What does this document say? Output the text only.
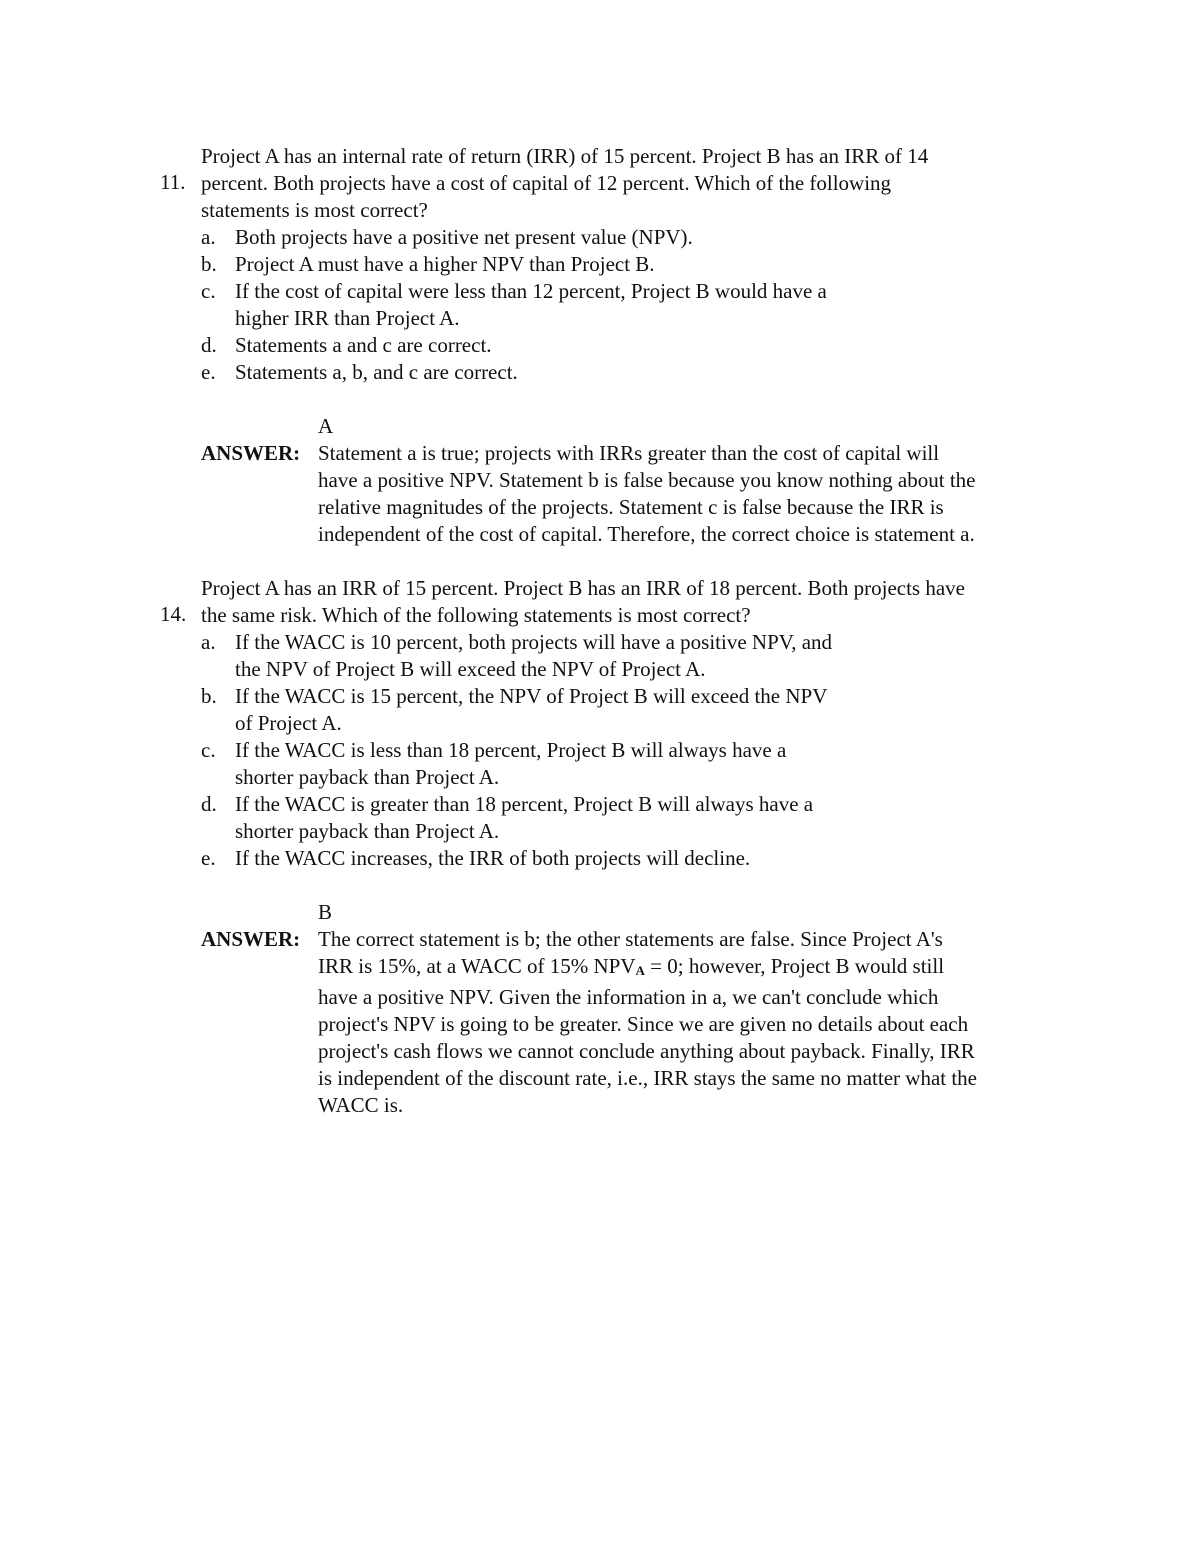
11.
Project A has an internal rate of return (IRR) of 15 percent. Project B has an IRR of 14
percent. Both projects have a cost of capital of 12 percent. Which of the following
statements is most correct?
a. Both projects have a positive net present value (NPV).
b. Project A must have a higher NPV than Project B.
c. If the cost of capital were less than 12 percent, Project B would have a
higher IRR than Project A.
d. Statements a and c are correct.
e. Statements a, b, and c are correct.
A
ANSWER: Statement a is true; projects with IRRs greater than the cost of capital will
have a positive NPV. Statement b is false because you know nothing about the
relative magnitudes of the projects. Statement c is false because the IRR is
independent of the cost of capital. Therefore, the correct choice is statement a.
14.
Project A has an IRR of 15 percent. Project B has an IRR of 18 percent. Both projects have
the same risk. Which of the following statements is most correct?
a. If the WACC is 10 percent, both projects will have a positive NPV, and
the NPV of Project B will exceed the NPV of Project A.
b. If the WACC is 15 percent, the NPV of Project B will exceed the NPV
of Project A.
c. If the WACC is less than 18 percent, Project B will always have a
shorter payback than Project A.
d. If the WACC is greater than 18 percent, Project B will always have a
shorter payback than Project A.
e. If the WACC increases, the IRR of both projects will decline.
B
ANSWER: The correct statement is b; the other statements are false. Since Project A's
IRR is 15%, at a WACC of 15% NPVA = 0; however, Project B would still
have a positive NPV. Given the information in a, we can't conclude which
project's NPV is going to be greater. Since we are given no details about each
project's cash flows we cannot conclude anything about payback. Finally, IRR
is independent of the discount rate, i.e., IRR stays the same no matter what the
WACC is.
